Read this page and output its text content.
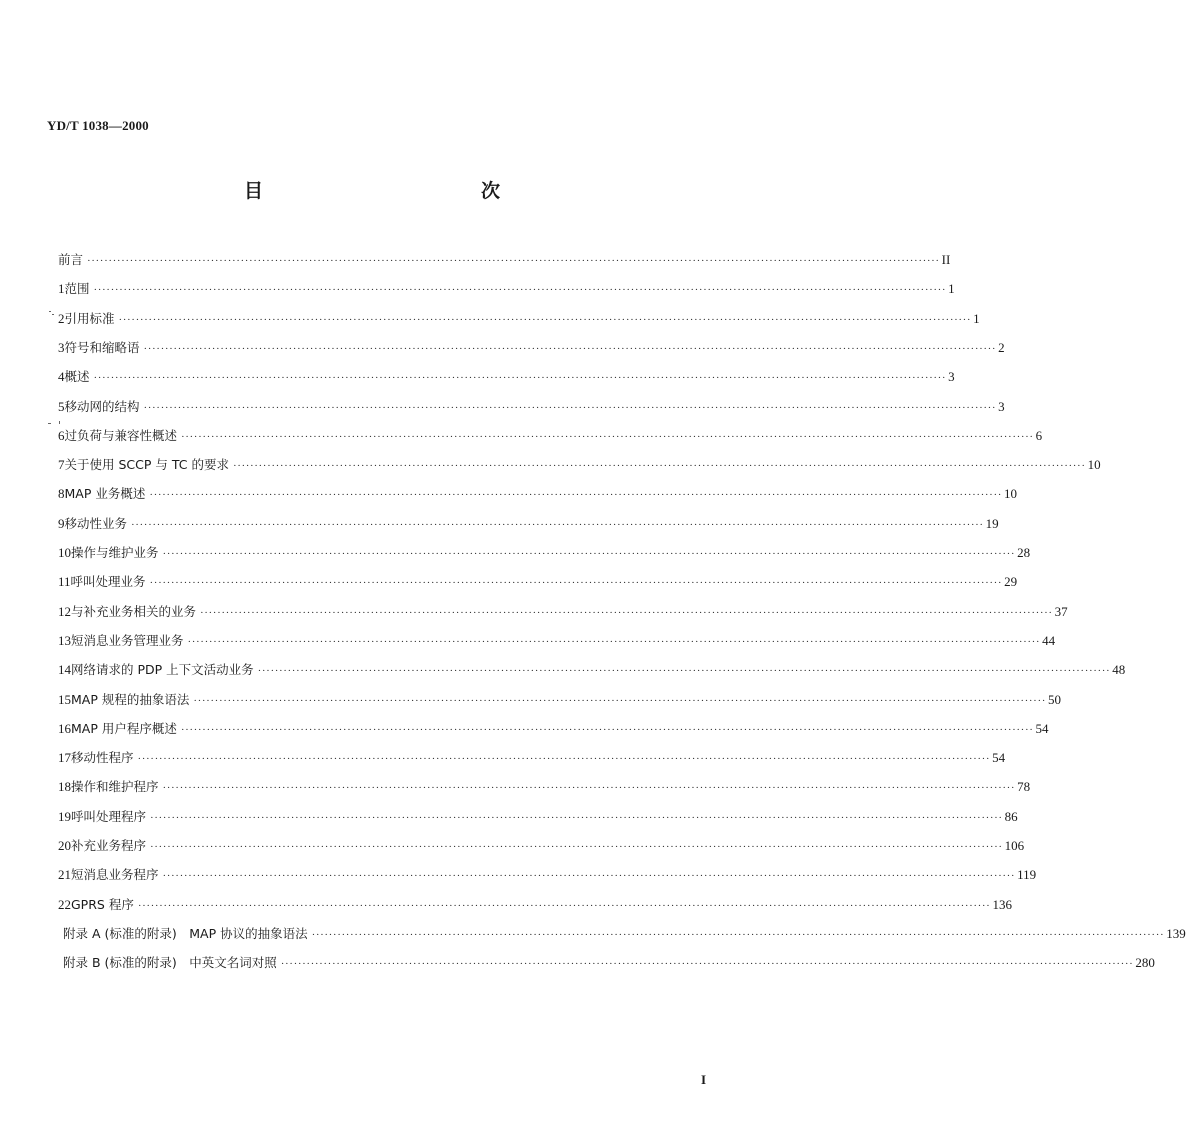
YD/T 1038—2000
目　　次
前言 ········································································································································································································ II
1 范围 ········································································································································································································ 1
2 引用标准 ········································································································································································································ 1
3 符号和缩略语 ········································································································································································································ 2
4 概述 ········································································································································································································ 3
5 移动网的结构 ········································································································································································································ 3
6 过负荷与兼容性概述 ········································································································································································································ 6
7 关于使用 SCCP 与 TC 的要求 ········································································································································································································ 10
8 MAP 业务概述 ········································································································································································································ 10
9 移动性业务 ········································································································································································································ 19
10 操作与维护业务 ········································································································································································································ 28
11 呼叫处理业务 ········································································································································································································ 29
12 与补充业务相关的业务 ········································································································································································································ 37
13 短消息业务管理业务 ········································································································································································································ 44
14 网络请求的 PDP 上下文活动业务 ········································································································································································································ 48
15 MAP 规程的抽象语法 ········································································································································································································ 50
16 MAP 用户程序概述 ········································································································································································································ 54
17 移动性程序 ········································································································································································································ 54
18 操作和维护程序 ········································································································································································································ 78
19 呼叫处理程序 ········································································································································································································ 86
20 补充业务程序 ········································································································································································································ 106
21 短消息业务程序 ········································································································································································································ 119
22 GPRS 程序 ········································································································································································································ 136
附录 A (标准的附录)　MAP 协议的抽象语法 ········································································································································································································ 139
附录 B (标准的附录)　中英文名词对照 ········································································································································································································ 280
I
